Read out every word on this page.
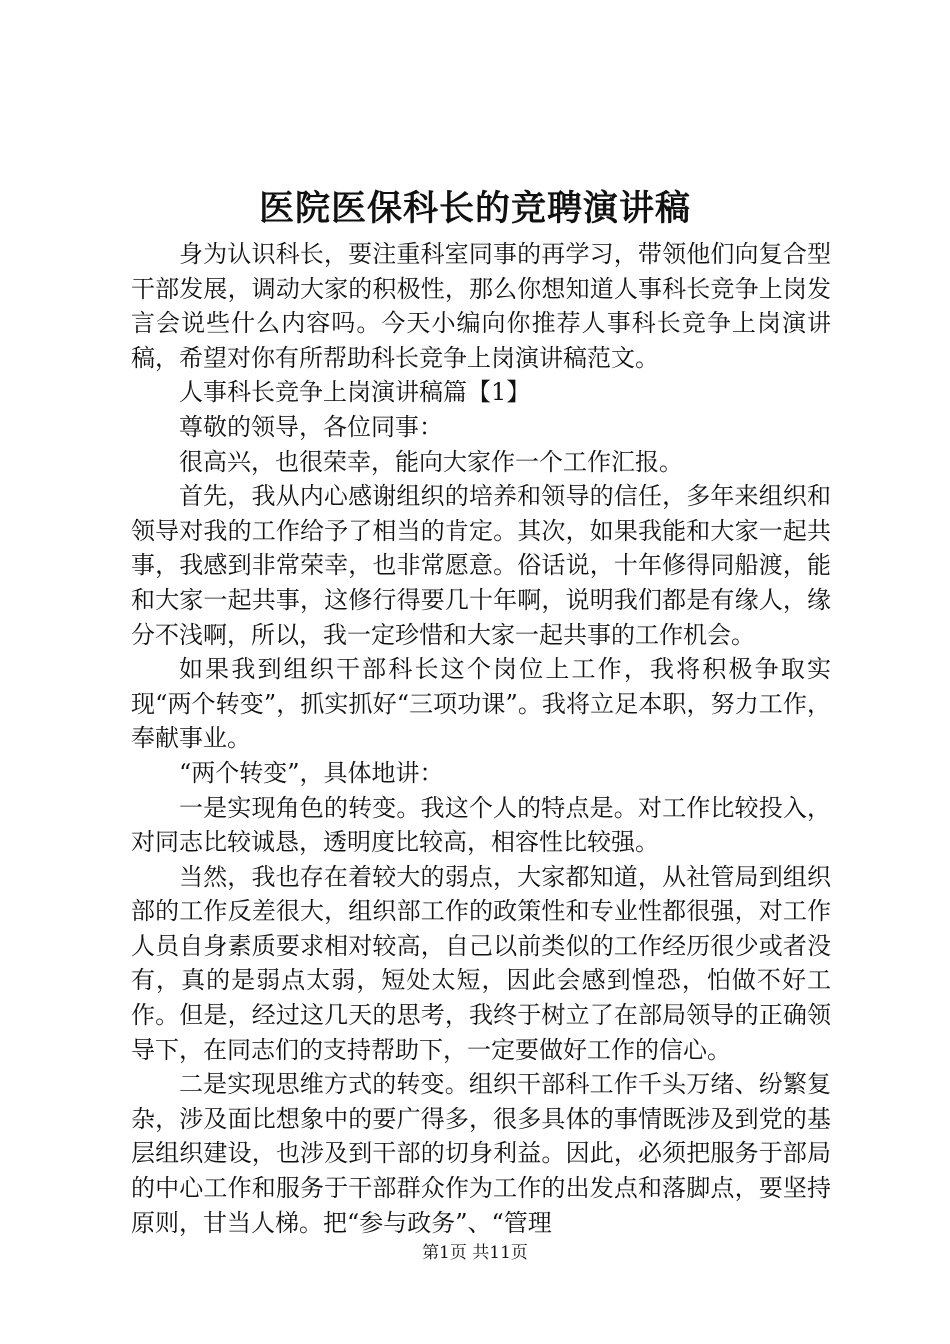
医院医保科长的竞聘演讲稿

身为认识科长，要注重科室同事的再学习，带领他们向复合型干部发展，调动大家的积极性，那么你想知道人事科长竞争上岗发言会说些什么内容吗。今天小编向你推荐人事科长竞争上岗演讲稿，希望对你有所帮助科长竞争上岗演讲稿范文。

人事科长竞争上岗演讲稿篇【1】

尊敬的领导，各位同事：

很高兴，也很荣幸，能向大家作一个工作汇报。

首先，我从内心感谢组织的培养和领导的信任，多年来组织和领导对我的工作给予了相当的肯定。其次，如果我能和大家一起共事，我感到非常荣幸，也非常愿意。俗话说，十年修得同船渡，能和大家一起共事，这修行得要几十年啊，说明我们都是有缘人，缘分不浅啊，所以，我一定珍惜和大家一起共事的工作机会。

如果我到组织干部科长这个岗位上工作，我将积极争取实现“两个转变”，抓实抓好“三项功课”。我将立足本职，努力工作，奉献事业。

“两个转变”，具体地讲：

一是实现角色的转变。我这个人的特点是。对工作比较投入，对同志比较诚恳，透明度比较高，相容性比较强。

当然，我也存在着较大的弱点，大家都知道，从社管局到组织部的工作反差很大，组织部工作的政策性和专业性都很强，对工作人员自身素质要求相对较高，自己以前类似的工作经历很少或者没有，真的是弱点太弱，短处太短，因此会感到惶恐，怕做不好工作。但是，经过这几天的思考，我终于树立了在部局领导的正确领导下，在同志们的支持帮助下，一定要做好工作的信心。

二是实现思维方式的转变。组织干部科工作千头万绪、纷繁复杂，涉及面比想象中的要广得多，很多具体的事情既涉及到党的基层组织建设，也涉及到干部的切身利益。因此，必须把服务于部局的中心工作和服务于干部群众作为工作的出发点和落脚点，要坚持原则，甘当人梯。把“参与政务”、“管理

第1页 共11页
